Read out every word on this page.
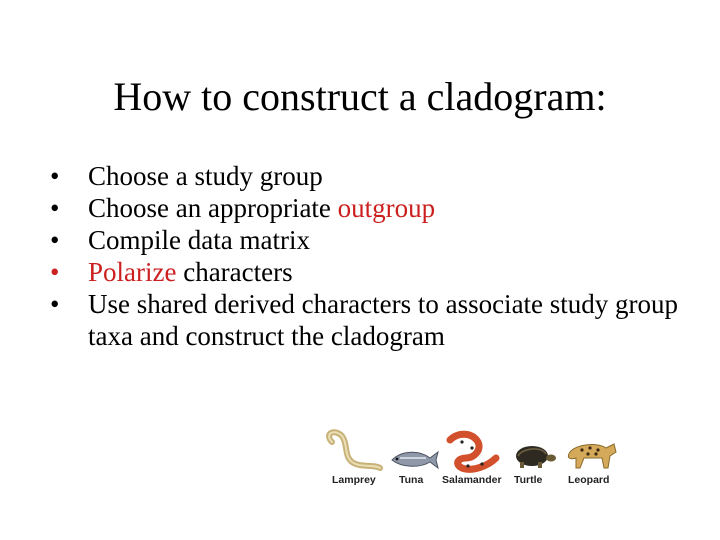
How to construct a cladogram:
• Choose a study group
• Choose an appropriate outgroup
• Compile data matrix
• Polarize characters
• Use shared derived characters to associate study group taxa and construct the cladogram
Lamprey Tuna Salamander Turtle Leopard
